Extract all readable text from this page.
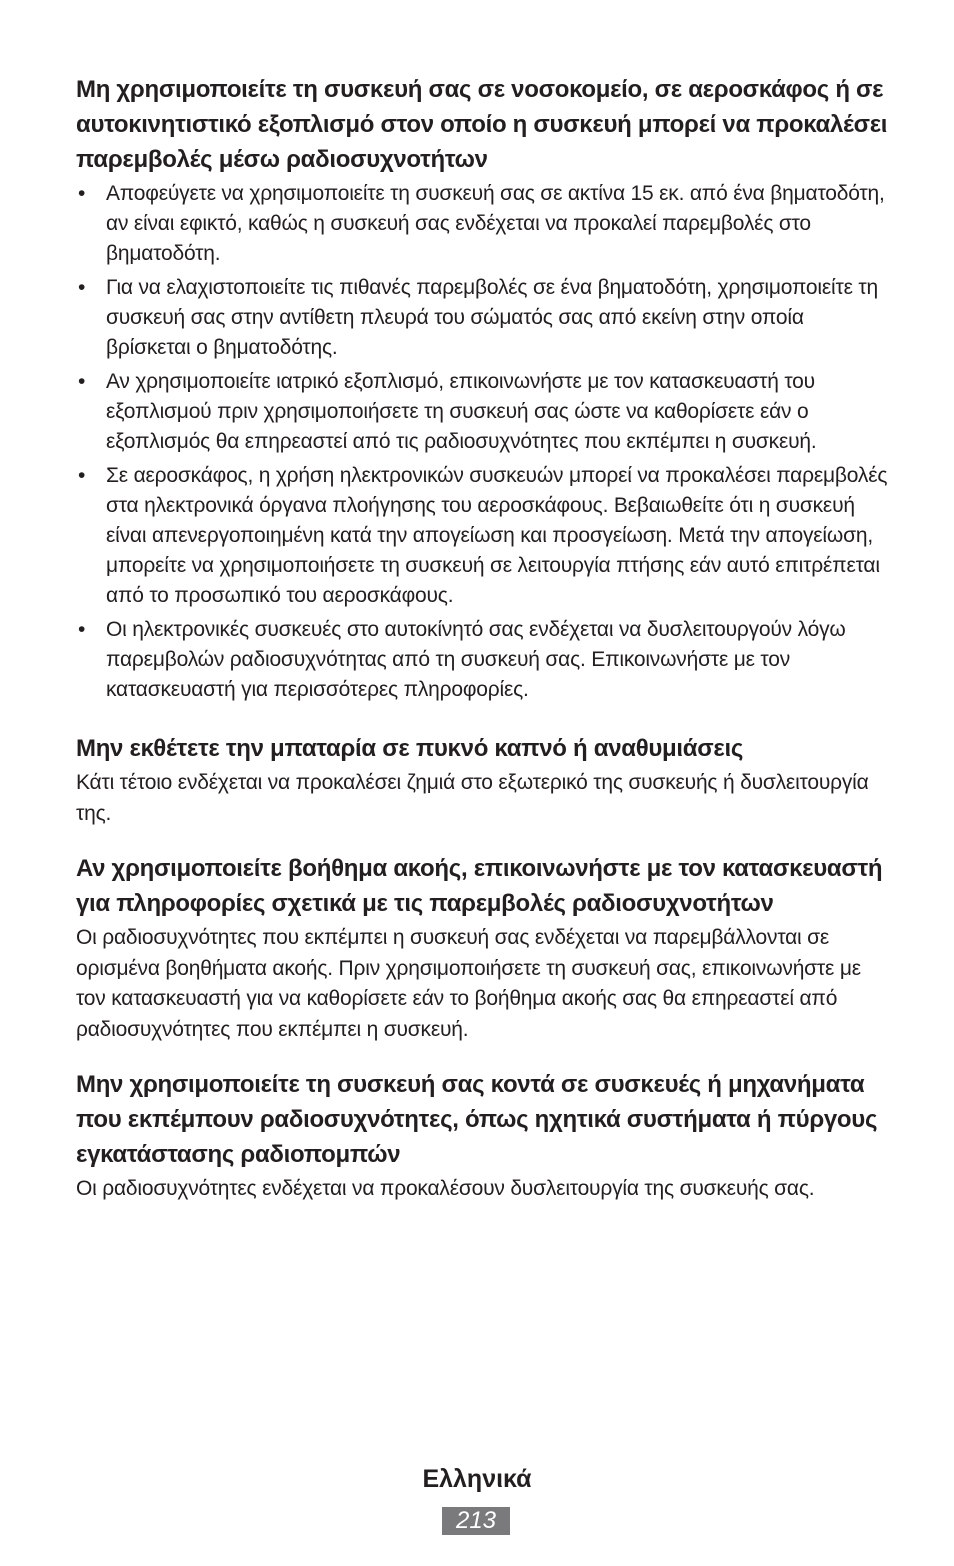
Μη χρησιμοποιείτε τη συσκευή σας σε νοσοκομείο, σε αεροσκάφος ή σε αυτοκινητιστικό εξοπλισμό στον οποίο η συσκευή μπορεί να προκαλέσει παρεμβολές μέσω ραδιοσυχνοτήτων
• Αποφεύγετε να χρησιμοποιείτε τη συσκευή σας σε ακτίνα 15 εκ. από ένα βηματοδότη, αν είναι εφικτό, καθώς η συσκευή σας ενδέχεται να προκαλεί παρεμβολές στο βηματοδότη.
• Για να ελαχιστοποιείτε τις πιθανές παρεμβολές σε ένα βηματοδότη, χρησιμοποιείτε τη συσκευή σας στην αντίθετη πλευρά του σώματός σας από εκείνη στην οποία βρίσκεται ο βηματοδότης.
• Αν χρησιμοποιείτε ιατρικό εξοπλισμό, επικοινωνήστε με τον κατασκευαστή του εξοπλισμού πριν χρησιμοποιήσετε τη συσκευή σας ώστε να καθορίσετε εάν ο εξοπλισμός θα επηρεαστεί από τις ραδιοσυχνότητες που εκπέμπει η συσκευή.
• Σε αεροσκάφος, η χρήση ηλεκτρονικών συσκευών μπορεί να προκαλέσει παρεμβολές στα ηλεκτρονικά όργανα πλοήγησης του αεροσκάφους. Βεβαιωθείτε ότι η συσκευή είναι απενεργοποιημένη κατά την απογείωση και προσγείωση. Μετά την απογείωση, μπορείτε να χρησιμοποιήσετε τη συσκευή σε λειτουργία πτήσης εάν αυτό επιτρέπεται από το προσωπικό του αεροσκάφους.
• Οι ηλεκτρονικές συσκευές στο αυτοκίνητό σας ενδέχεται να δυσλειτουργούν λόγω παρεμβολών ραδιοσυχνότητας από τη συσκευή σας. Επικοινωνήστε με τον κατασκευαστή για περισσότερες πληροφορίες.
Μην εκθέτετε την μπαταρία σε πυκνό καπνό ή αναθυμιάσεις

Κάτι τέτοιο ενδέχεται να προκαλέσει ζημιά στο εξωτερικό της συσκευής ή δυσλειτουργία της.

Αν χρησιμοποιείτε βοήθημα ακοής, επικοινωνήστε με τον κατασκευαστή για πληροφορίες σχετικά με τις παρεμβολές ραδιοσυχνοτήτων

Οι ραδιοσυχνότητες που εκπέμπει η συσκευή σας ενδέχεται να παρεμβάλλονται σε ορισμένα βοηθήματα ακοής. Πριν χρησιμοποιήσετε τη συσκευή σας, επικοινωνήστε με τον κατασκευαστή για να καθορίσετε εάν το βοήθημα ακοής σας θα επηρεαστεί από ραδιοσυχνότητες που εκπέμπει η συσκευή.

Μην χρησιμοποιείτε τη συσκευή σας κοντά σε συσκευές ή μηχανήματα που εκπέμπουν ραδιοσυχνότητες, όπως ηχητικά συστήματα ή πύργους εγκατάστασης ραδιοπομπών

Οι ραδιοσυχνότητες ενδέχεται να προκαλέσουν δυσλειτουργία της συσκευής σας.

Ελληνικά
213
